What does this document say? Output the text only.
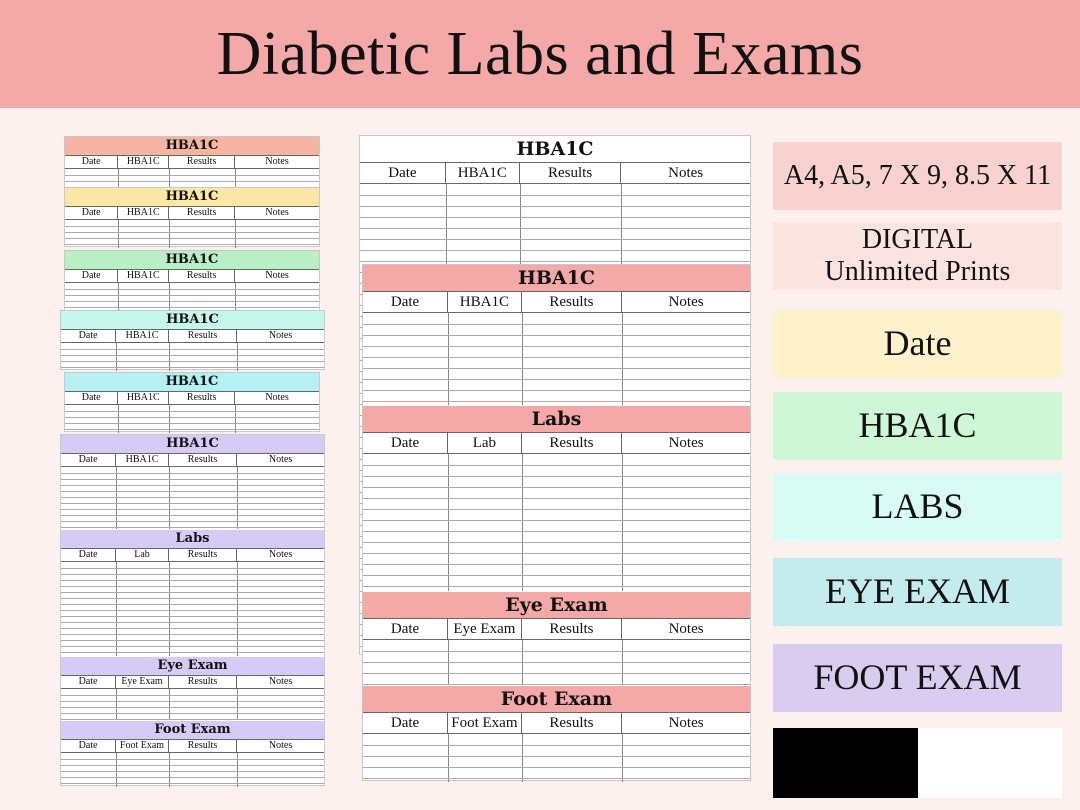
Diabetic Labs and Exams
HBA1C
Date	HBA1C	Results	Notes
HBA1C
Date	HBA1C	Results	Notes
HBA1C
Date	HBA1C	Results	Notes
HBA1C
Date	HBA1C	Results	Notes
HBA1C
Date	HBA1C	Results	Notes
HBA1C
Date	HBA1C	Results	Notes
Labs
Date	Lab	Results	Notes
Eye Exam
Date	Eye Exam	Results	Notes
Foot Exam
Date	Foot Exam	Results	Notes
HBA1C
Date	HBA1C	Results	Notes
HBA1C
Date	HBA1C	Results	Notes
Labs
Date	Lab	Results	Notes
Eye Exam
Date	Eye Exam	Results	Notes
Foot Exam
Date	Foot Exam	Results	Notes
A4, A5, 7 X 9, 8.5 X 11
DIGITAL
Unlimited Prints
Date
HBA1C
LABS
EYE EXAM
FOOT EXAM
